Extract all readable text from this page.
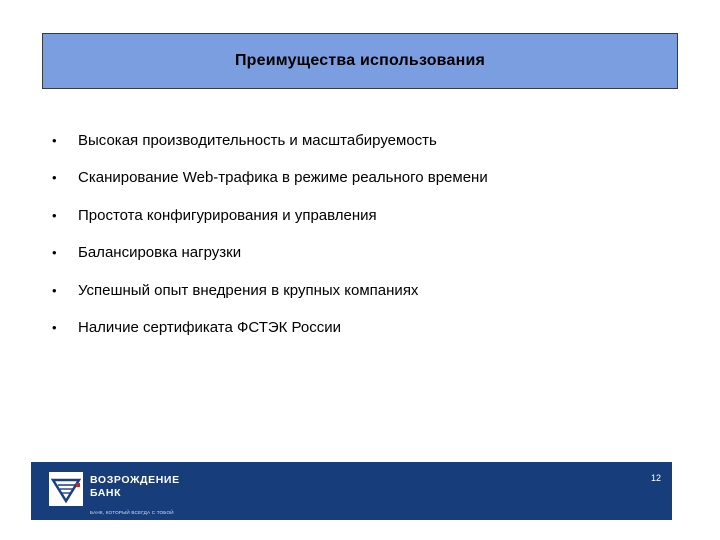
Преимущества использования
•	Высокая производительность и масштабируемость
•	Сканирование Web-трафика в режиме реального времени
•	Простота конфигурирования и управления
•	Балансировка нагрузки
•	Успешный опыт внедрения в крупных компаниях
•	Наличие сертификата ФСТЭК России
ВОЗРОЖДЕНИЕ
БАНК
БАНК, КОТОРЫЙ ВСЕГДА С ТОБОЙ
12
